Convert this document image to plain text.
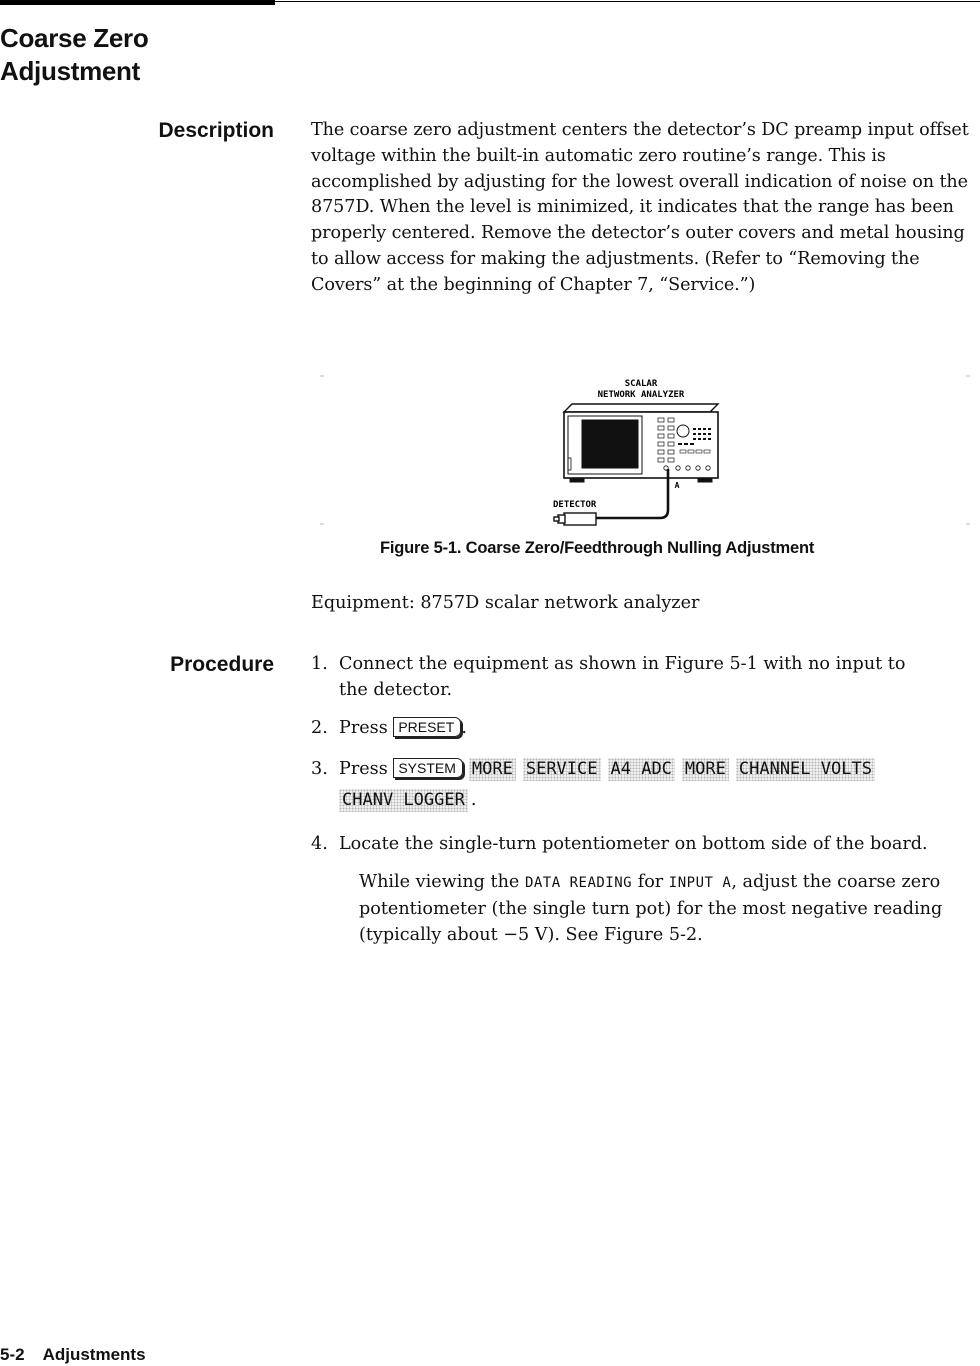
Coarse Zero
Adjustment
Description The coarse zero adjustment centers the detector’s DC preamp input offset voltage within the built-in automatic zero routine’s range. This is accomplished by adjusting for the lowest overall indication of noise on the 8757D. When the level is minimized, it indicates that the range has been properly centered. Remove the detector’s outer covers and metal housing to allow access for making the adjustments. (Refer to “Removing the Covers” at the beginning of Chapter 7, “Service.”)

SCALAR
NETWORK ANALYZER
A
DETECTOR
Figure 5-1. Coarse Zero/Feedthrough Nulling Adjustment

Equipment: 8757D scalar network analyzer

Procedure 1. Connect the equipment as shown in Figure 5-1 with no input to
the detector.
2. Press PRESET .
3. Press SYSTEM MORE SERVICE A4 ADC MORE CHANNEL VOLTS
CHANV LOGGER .
4. Locate the single-turn potentiometer on bottom side of the board.

While viewing the DATA READING for INPUT A, adjust the coarse zero potentiometer (the single turn pot) for the most negative reading (typically about −5 V). See Figure 5-2.

5-2 Adjustments
